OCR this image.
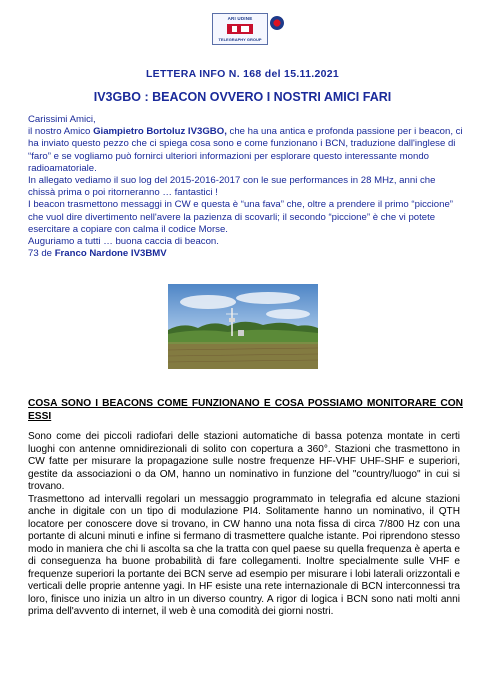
ARI UDINE
TELEGRAPHY GROUP
LETTERA INFO N. 168 del 15.11.2021
IV3GBO : BEACON OVVERO I NOSTRI AMICI FARI

Carissimi Amici,

il nostro Amico Giampietro Bortoluz IV3GBO, che ha una antica e profonda passione per i beacon, ci ha inviato questo pezzo che ci spiega cosa sono e come funzionano i BCN, traduzione dall'inglese di “faro” e se vogliamo può fornirci ulteriori informazioni per esplorare questo interessante mondo radioamatoriale.

In allegato vediamo il suo log del 2015-2016-2017 con le sue performances in 28 MHz, anni che chissà prima o poi ritorneranno … fantastici !

I beacon trasmettono messaggi in CW e questa è “una fava” che, oltre a prendere il primo “piccione” che vuol dire divertimento nell'avere la pazienza di scovarli; il secondo “piccione” è che vi potete esercitare a copiare con calma il codice Morse.

Auguriamo a tutti … buona caccia di beacon.

73 de Franco Nardone IV3BMV

COSA SONO I BEACONS COME FUNZIONANO E COSA POSSIAMO MONITORARE CON ESSI

Sono come dei piccoli radiofari delle stazioni automatiche di bassa potenza montate in certi luoghi con antenne omnidirezionali di solito con copertura a 360°. Stazioni che trasmettono in CW fatte per misurare la propagazione sulle nostre frequenze HF-VHF UHF-SHF e superiori, gestite da associazioni o da OM, hanno un nominativo in funzione del "country/luogo" in cui si trovano.

Trasmettono ad intervalli regolari un messaggio programmato in telegrafia ed alcune stazioni anche in digitale con un tipo di modulazione PI4. Solitamente hanno un nominativo, il QTH locatore per conoscere dove si trovano, in CW hanno una nota fissa di circa 7/800 Hz con una portante di alcuni minuti e infine si fermano di trasmettere qualche istante. Poi riprendono stesso modo in maniera che chi li ascolta sa che la tratta con quel paese su quella frequenza è aperta e di conseguenza ha buone probabilità di fare collegamenti. Inoltre specialmente sulle VHF e frequenze superiori la portante dei BCN serve ad esempio per misurare i lobi laterali orizzontali e verticali delle proprie antenne yagi. In HF esiste una rete internazionale di BCN interconnessi tra loro, finisce uno inizia un altro in un diverso country. A rigor di logica i BCN sono nati molti anni prima dell'avvento di internet, il web è una comodità dei giorni nostri.
